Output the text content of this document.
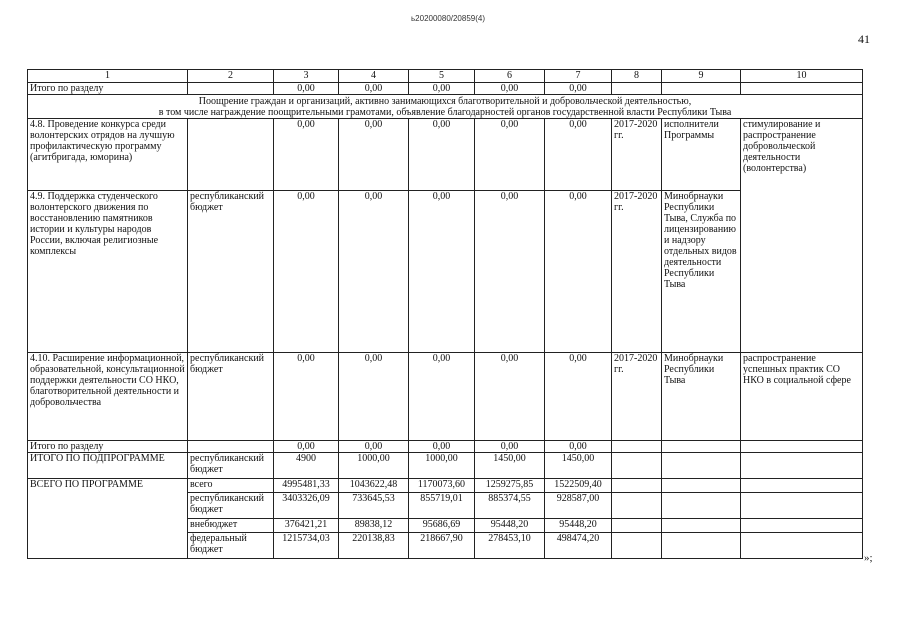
ь20200080/20859(4)
41
1	2	3	4	5	6	7	8	9	10
Итого по разделу		0,00	0,00	0,00	0,00	0,00			
Поощрение граждан и организаций, активно занимающихся благотворительной и добровольческой деятельностью,
в том числе награждение поощрительными грамотами, объявление благодарностей органов государственной власти Республики Тыва									
4.8. Проведение конкурса среди волонтерских отрядов на лучшую профилактическую программу (агитбригада, юморина)		0,00	0,00	0,00	0,00	0,00	2017-2020 гг.	исполнители Программы	стимулирование и распространение добровольческой деятельности (волонтерства)
4.9. Поддержка студенческого волонтерского движения по восстановлению памятников истории и культуры народов России, включая религиозные комплексы	республиканский бюджет	0,00	0,00	0,00	0,00	0,00	2017-2020 гг.	Минобрнауки Республики Тыва, Служба по лицензированию и надзору отдельных видов деятельности Республики Тыва	
4.10. Расширение информационной, образовательной, консультационной поддержки деятельности СО НКО, благотворительной деятельности и добровольчества	республиканский бюджет	0,00	0,00	0,00	0,00	0,00	2017-2020 гг.	Минобрнауки Республики Тыва	распространение успешных практик СО НКО в социальной сфере
Итого по разделу		0,00	0,00	0,00	0,00	0,00			
ИТОГО ПО ПОДПРОГРАММЕ	республиканский бюджет	4900	1000,00	1000,00	1450,00	1450,00			
ВСЕГО ПО ПРОГРАММЕ	всего	4995481,33	1043622,48	1170073,60	1259275,85	1522509,40			
	республиканский бюджет	3403326,09	733645,53	855719,01	885374,55	928587,00			
	внебюджет	376421,21	89838,12	95686,69	95448,20	95448,20			
	федеральный бюджет	1215734,03	220138,83	218667,90	278453,10	498474,20			
»;
